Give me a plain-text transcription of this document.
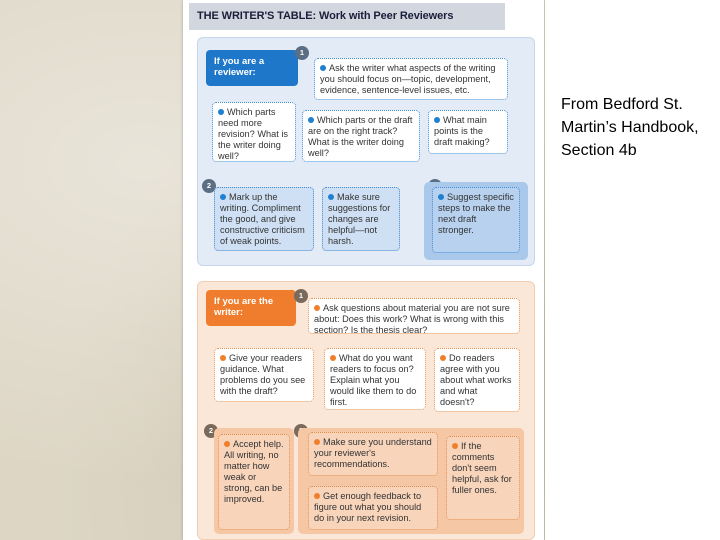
THE WRITER'S TABLE: Work with Peer Reviewers
If you are a reviewer:
1
Ask the writer what aspects of the writing you should focus on—topic, development, evidence, sentence-level issues, etc.
Which parts need more revision? What is the writer doing well?
Which parts or the draft are on the right track? What is the writer doing well?
What main points is the draft making?
2
Mark up the writing. Compliment the good, and give constructive criticism of weak points.
Make sure suggestions for changes are helpful—not harsh.
Suggest specific steps to make the next draft stronger.
If you are the writer:
1
Ask questions about material you are not sure about: Does this work? What is wrong with this section? Is the thesis clear?
Give your readers guidance. What problems do you see with the draft?
What do you want readers to focus on? Explain what you would like them to do first.
Do readers agree with you about what works and what doesn't?
2
Accept help. All writing, no matter how weak or strong, can be improved.
Make sure you understand your reviewer's recommendations.
Get enough feedback to figure out what you should do in your next revision.
If the comments don't seem helpful, ask for fuller ones.
From Bedford St. Martin’s Handbook, Section 4b
